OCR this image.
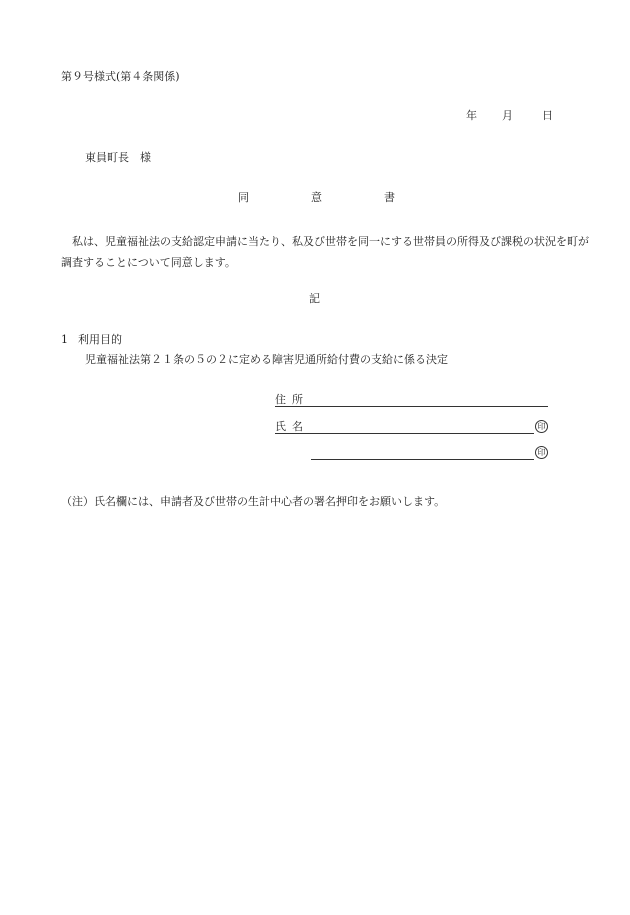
第９号様式(第４条関係)
年 月	日
東員町長　様
同	意	書
私は、児童福祉法の支給認定申請に当たり、私及び世帯を同一にする世帯員の所得及び課税の状況を町が調査することについて同意します。
記
1 利用目的
児童福祉法第２１条の５の２に定める障害児通所給付費の支給に係る決定
住 所
氏 名	印
印
（注）氏名欄には、申請者及び世帯の生計中心者の署名押印をお願いします。
